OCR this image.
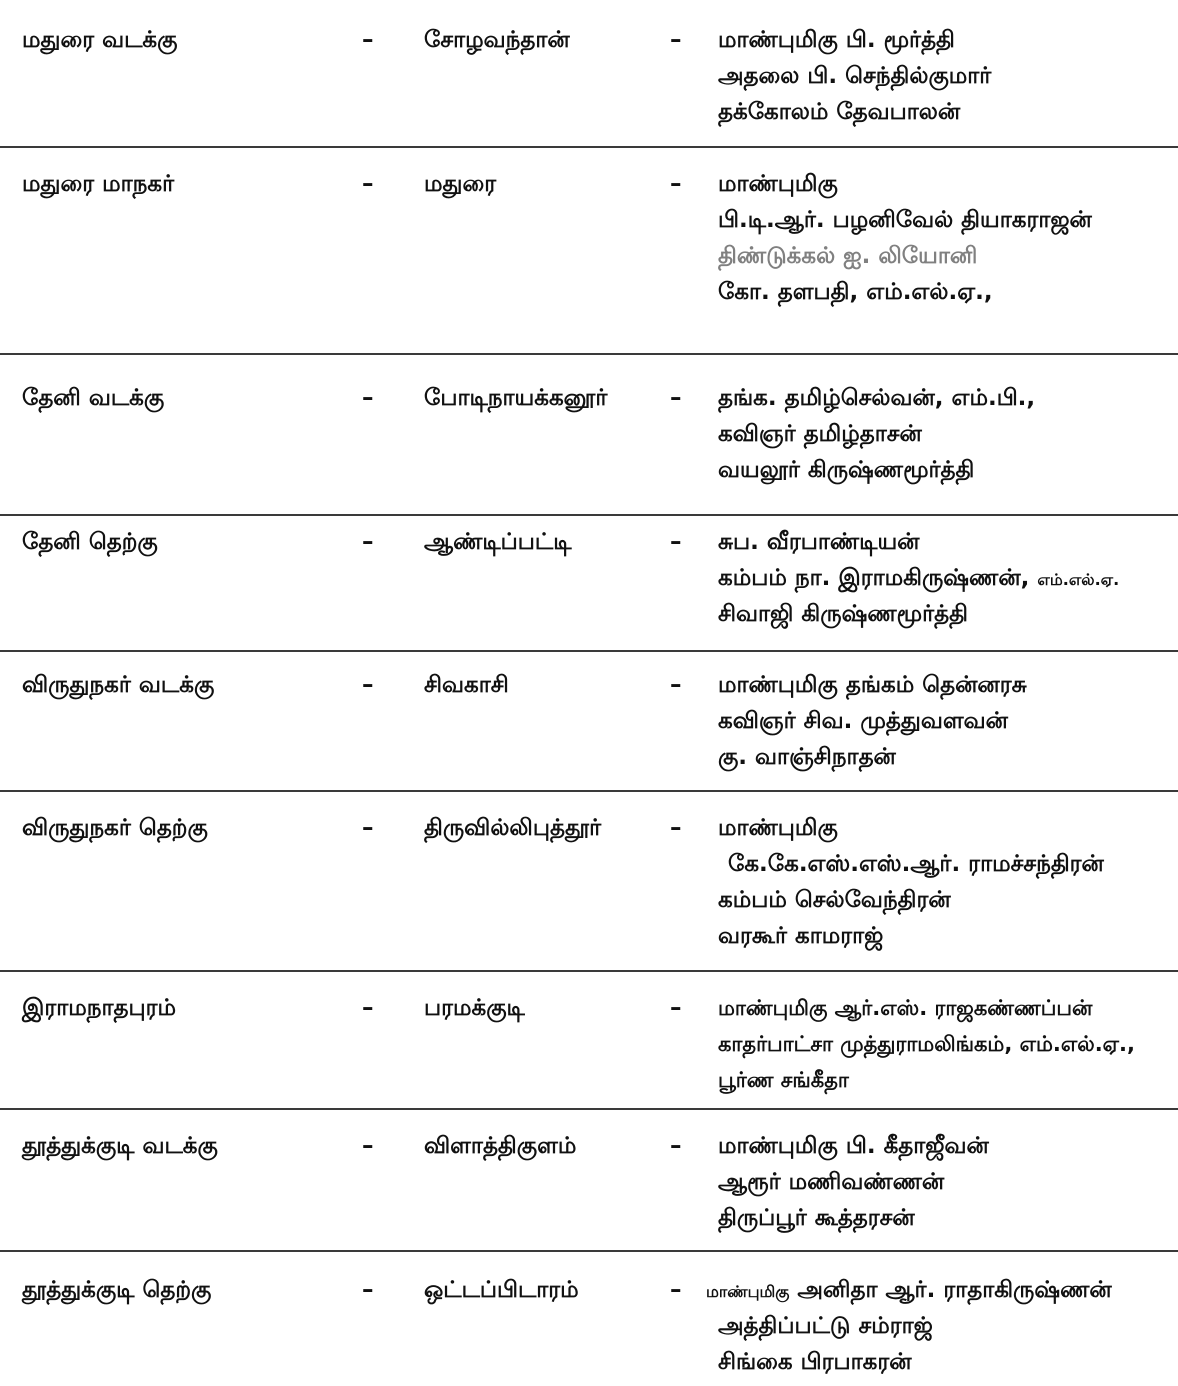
மதுரை வடக்கு	– சோழவந்தான்	– மாண்புமிகு பி. மூர்த்தி
அதலை பி. செந்தில்குமார்
தக்கோலம் தேவபாலன்
மதுரை மாநகர்	– மதுரை	– மாண்புமிகு
பி.டி.ஆர். பழனிவேல் தியாகராஜன்
திண்டுக்கல் ஐ. லியோனி
கோ. தளபதி, எம்.எல்.ஏ.,
தேனி வடக்கு	– போடிநாயக்கனூர்	– தங்க. தமிழ்செல்வன், எம்.பி.,
கவிஞர் தமிழ்தாசன்
வயலூர் கிருஷ்ணமூர்த்தி
தேனி தெற்கு	– ஆண்டிப்பட்டி	– சுப. வீரபாண்டியன்
கம்பம் நா. இராமகிருஷ்ணன், எம்.எல்.ஏ.
சிவாஜி கிருஷ்ணமூர்த்தி
விருதுநகர் வடக்கு	– சிவகாசி	– மாண்புமிகு தங்கம் தென்னரசு
கவிஞர் சிவ. முத்துவளவன்
கு. வாஞ்சிநாதன்
விருதுநகர் தெற்கு	– திருவில்லிபுத்தூர்	– மாண்புமிகு
கே.கே.எஸ்.எஸ்.ஆர். ராமச்சந்திரன்
கம்பம் செல்வேந்திரன்
வரகூர் காமராஜ்
இராமநாதபுரம்	– பரமக்குடி	– மாண்புமிகு ஆர்.எஸ். ராஜகண்ணப்பன்
காதர்பாட்சா முத்துராமலிங்கம், எம்.எல்.ஏ.,
பூர்ண சங்கீதா
தூத்துக்குடி வடக்கு	– விளாத்திகுளம்	– மாண்புமிகு பி. கீதாஜீவன்
ஆரூர் மணிவண்ணன்
திருப்பூர் கூத்தரசன்
தூத்துக்குடி தெற்கு	– ஒட்டப்பிடாரம்	– மாண்புமிகு அனிதா ஆர். ராதாகிருஷ்ணன்
அத்திப்பட்டு சம்ராஜ்
சிங்கை பிரபாகரன்
